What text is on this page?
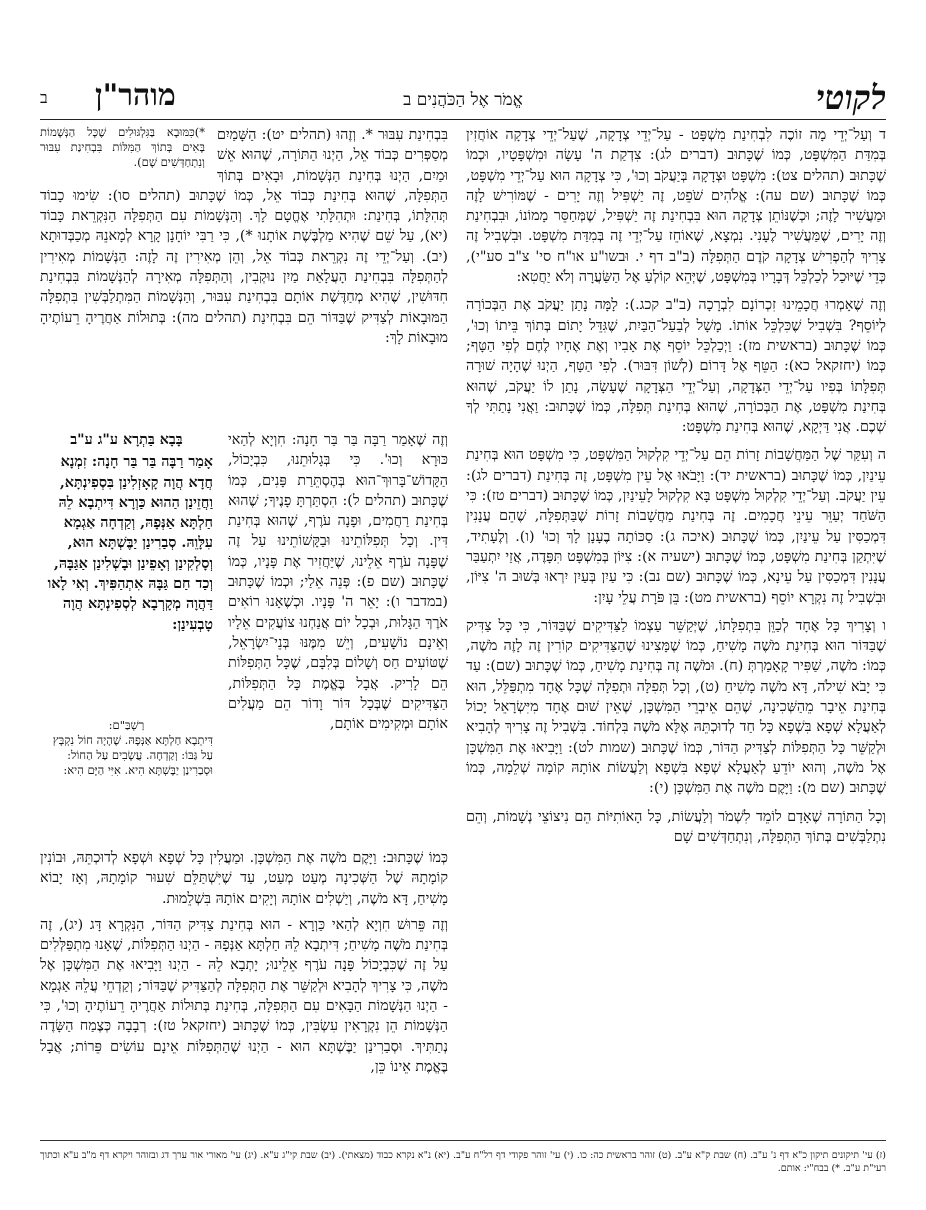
לקוטי
אֱמֹר אֶל הַכֹּהֲנִים ב
מוהר"ן
ב

ד וְעַל־יְדֵי מָה זוֹכֶה לִבְחִינַת מִשְׁפָּט - עַל־יְדֵי צְדָקָה, שֶׁעַל־יְדֵי צְדָקָה אוֹחֲזִין בְּמִדַּת הַמִּשְׁפָּט, כְּמוֹ שֶׁכָּתוּב (דברים לג): צִדְקַת ה' עָשָׂה וּמִשְׁפָּטָיו, וּכְמוֹ שֶׁכָּתוּב (תהלים צט): מִשְׁפָּט וּצְדָקָה בְּיַעֲקֹב וְכוּ', כִּי צְדָקָה הוּא עַל־יְדֵי מִשְׁפָּט, כְּמוֹ שֶׁכָּתוּב (שם עה): אֱלֹהִים שֹׁפֵט, זֶה יַשְׁפִּיל וְזֶה יָרִים - שֶׁמּוֹרִישׁ לָזֶה וּמַעֲשִׁיר לָזֶה; וּכְשֶׁנּוֹתֵן צְדָקָה הוּא בִּבְחִינַת זֶה יַשְׁפִּיל, שֶׁמְּחַסֵּר מָמוֹנוֹ, וּבִבְחִינַת וְזֶה יָרִים, שֶׁמַּעֲשִׁיר לֶעָנִי. נִמְצָא, שֶׁאוֹחֵז עַל־יְדֵי זֶה בְּמִדַּת מִשְׁפָּט. וּבִשְׁבִיל זֶה צָרִיךְ לְהַפְרִישׁ צְדָקָה קֹדֶם הַתְּפִלָּה (ב"ב דף י. וּבשו"ע או"ח סי' צ"ב סע"י), כְּדֵי שֶׁיּוּכַל לְכַלְכֵּל דְּבָרָיו בְּמִשְׁפָּט, שֶׁיְּהֵא קוֹלְעַ אֶל הַשַּׂעֲרָה וְלֹא יַחֲטִא:

וְזֶה שֶׁאָמְרוּ חֲכָמֵינוּ זִכְרוֹנָם לִבְרָכָה (ב"ב קכג.): לָמָּה נָתַן יַעֲקֹב אֶת הַבְּכוֹרָה לְיוֹסֵף? בִּשְׁבִיל שֶׁכִּלְכֵּל אוֹתוֹ. מָשָׁל לְבַעַל־הַבַּיִת, שֶׁגִּדֵּל יָתוֹם בְּתוֹךְ בֵּיתוֹ וְכוּ', כְּמוֹ שֶׁכָּתוּב (בראשית מז): וַיְכַלְכֵּל יוֹסֵף אֶת אָבִיו וְאֶת אֶחָיו לֶחֶם לְפִי הַטָּף; כְּמוֹ (יחזקאל כא): הַטֵּף אֶל דָּרוֹם (לְשׁוֹן דִּבּוּר). לְפִי הַטָּף, הַיְנוּ שֶׁהָיָה שׁוּרָה תְּפִלָּתוֹ בְּפִיו עַל־יְדֵי הַצְּדָקָה, וְעַל־יְדֵי הַצְּדָקָה שֶׁעָשָׂה, נָתַן לוֹ יַעֲקֹב, שֶׁהוּא בְּחִינַת מִשְׁפָּט, אֶת הַבְּכוֹרָה, שֶׁהוּא בְּחִינַת תְּפִלָּה, כְּמוֹ שֶׁכָּתוּב: וַאֲנִי נָתַתִּי לְךָ שְׁכֶם. אֲנִי דַּיְקָא, שֶׁהוּא בְּחִינַת מִשְׁפָּט:

ה וְעִקַּר שֶׁל הַמַּחֲשָׁבוֹת זָרוֹת הֵם עַל־יְדֵי קִלְקוּל הַמִּשְׁפָּט, כִּי מִשְׁפָּט הוּא בְּחִינַת עֵינַיִן, כְּמוֹ שֶׁכָּתוּב (בראשית יד): וַיָּבֹאוּ אֶל עֵין מִשְׁפָּט, זֶה בְּחִינַת (דברים לג): עֵין יַעֲקֹב. וְעַל־יְדֵי קִלְקוּל מִשְׁפָּט בָּא קִלְקוּל לָעֵינַיִן, כְּמוֹ שֶׁכָּתוּב (דברים טז): כִּי הַשֹּׁחַד יְעַוֵּר עֵינֵי חֲכָמִים. זֶה בְּחִינַת מַחֲשָׁבוֹת זָרוֹת שֶׁבַּתְּפִלָּה, שֶׁהֵם עֲנָנִין דִּמְכַסִּין עַל עֵינַיִן, כְּמוֹ שֶׁכָּתוּב (איכה ג): סַכּוֹתָה בֶעָנָן לָךְ וְכוּ' (ו). וְלֶעָתִיד, שֶׁיִּתְקַן בְּחִינַת מִשְׁפָּט, כְּמוֹ שֶׁכָּתוּב (ישעיה א): צִיּוֹן בְּמִשְׁפָּט תִּפָּדֶה, אֲזַי יִתְעַבַּר עֲנָנִין דִּמְכַסִּין עַל עֵינָא, כְּמוֹ שֶׁכָּתוּב (שם נב): כִּי עַיִן בְּעַיִן יִרְאוּ בְּשׁוּב ה' צִיּוֹן, וּבִשְׁבִיל זֶה נִקְרָא יוֹסֵף (בראשית מט): בֵּן פֹּרָת עֲלֵי עָיִן:

ו וְצָרִיךְ כָּל אֶחָד לְכַוֵּן בִּתְפִלָּתוֹ, שֶׁיְּקַשֵּׁר עַצְמוֹ לַצַּדִּיקִים שֶׁבַּדּוֹר, כִּי כָּל צַדִּיק שֶׁבַּדּוֹר הוּא בְּחִינַת מֹשֶׁה מָשִׁיחַ, כְּמוֹ שֶׁמָּצִינוּ שֶׁהַצַּדִּיקִים קוֹרִין זֶה לָזֶה מֹשֶׁה, כְּמוֹ: מֹשֶׁה, שַׁפִּיר קָאָמַרְתְּ (ח). וּמֹשֶׁה זֶה בְּחִינַת מָשִׁיחַ, כְּמוֹ שֶׁכָּתוּב (שם): עַד כִּי יָבֹא שִׁילֹה, דָּא מֹשֶׁה מָשִׁיחַ (ט), וְכָל תְּפִלָּה וּתְפִלָּה שֶׁכָּל אֶחָד מִתְפַּלֵּל, הוּא בְּחִינַת אֵיבָר מֵהַשְּׁכִינָה, שֶׁהֵם אֵיבְרֵי הַמִּשְׁכָּן, שֶׁאֵין שׁוּם אֶחָד מִיִּשְׂרָאֵל יָכוֹל לְאַעֲלָא שְׁפָא בִּשְׁפָא כָּל חַד לְדוּכְתֵּהּ אֶלָּא מֹשֶׁה בִּלְחוֹד. בִּשְׁבִיל זֶה צָרִיךְ לְהָבִיא וּלְקַשֵּׁר כָּל הַתְּפִלּוֹת לְצַדִּיק הַדּוֹר, כְּמוֹ שֶׁכָּתוּב (שמות לט): וַיָּבִיאוּ אֶת הַמִּשְׁכָּן אֶל מֹשֶׁה, וְהוּא יוֹדֵעַ לְאַעֲלָא שְׁפָא בִּשְׁפָא וְלַעֲשׂוֹת אוֹתָהּ קוֹמָה שְׁלֵמָה, כְּמוֹ שֶׁכָּתוּב (שם מ): וַיָּקֶם מֹשֶׁה אֶת הַמִּשְׁכָּן (י):

וְכָל הַתּוֹרָה שֶׁאָדָם לוֹמֵד לִשְׁמֹר וְלַעֲשׂוֹת, כָּל הָאוֹתִיּוֹת הֵם נִיצוֹצֵי נְשָׁמוֹת, וְהֵם נִתְלַבְּשִׁים בְּתוֹךְ הַתְּפִלָּה, וְנִתְחַדְּשִׁים שָׁם

*)כִּמּוּבָא בַּגִּלְגּוּלִים שֶׁכָּל הַנְּשָׁמוֹת בָּאִים בְּתוֹךְ הַמִּלּוֹת בִּבְחִינַת עִבּוּר וְנִתְחַדְּשִׁים שָׁם).

בִּבְחִינַת עִבּוּר *. וְזֶהוּ (תהלים יט): הַשָּׁמַיִם מְסַפְּרִים כְּבוֹד אֵל, הַיְנוּ הַתּוֹרָה, שֶׁהוּא אֵשׁ וּמַיִם, הַיְנוּ בְּחִינַת הַנְּשָׁמוֹת, וּבָאִים בְּתוֹךְ הַתְּפִלָּה, שֶׁהוּא בְּחִינַת כְּבוֹד אֵל, כְּמוֹ שֶׁכָּתוּב (תהלים סו): שִׂימוּ כָבוֹד תְּהִלָּתוֹ, בְּחִינַת: וּתְהִלָּתִי אֶחֱטָם לָךְ. וְהַנְּשָׁמוֹת עִם הַתְּפִלָּה הַנִּקְרֵאת כָּבוֹד (יא), עַל שֵׁם שֶׁהִיא מַלְבֶּשֶׁת אוֹתָנוּ *), כִּי רַבִּי יוֹחָנָן קָרָא לְמָאנֵהּ מְכַבְּדוּתָא (יב). וְעַל־יְדֵי זֶה נִקְרֵאת כְּבוֹד אֵל, וְהֵן מְאִירִין זֶה לָזֶה: הַנְּשָׁמוֹת מְאִירִין לְהַתְּפִלָּה בִּבְחִינַת הָעֲלָאַת מַיִן נוּקְבִין, וְהַתְּפִלָּה מְאִירָה לְהַנְּשָׁמוֹת בִּבְחִינַת חִדּוּשִׁין, שֶׁהִיא מְחַדֶּשֶׁת אוֹתָם בִּבְחִינַת עִבּוּר, וְהַנְּשָׁמוֹת הַמִּתְלַבְּשִׁין בִּתְפִלָּה הַמּוּבָאוֹת לְצַדִּיק שֶׁבַּדּוֹר הֵם בִּבְחִינַת (תהלים מה): בְּתוּלוֹת אַחֲרֶיהָ רֵעוֹתֶיהָ מוּבָאוֹת לָךְ:

וְזֶה שֶׁאָמַר רַבָּה בַּר בַּר חָנָה: חִוְיָא לְהַאי כּוּרָא וְכוּ'. כִּי בְּגָלוּתֵנוּ, כִּבְיָכוֹל, הַקָּדוֹשׁ־בָּרוּךְ־הוּא בְּהֶסְתֵּרַת פָּנִים, כְּמוֹ שֶׁכָּתוּב (תהלים ל): הִסְתַּרְתָּ פָנֶיךָ; שֶׁהוּא בְּחִינַת רַחֲמִים, וּפָנָה עֹרֶף, שֶׁהוּא בְּחִינַת דִּין. וְכָל תְּפִלּוֹתֵינוּ וּבַקָּשׁוֹתֵינוּ עַל זֶה שֶׁפָּנָה עֹרֶף אֵלֵינוּ, שֶׁיַּחֲזִיר אֶת פָּנָיו, כְּמוֹ שֶׁכָּתוּב (שם פ): פְּנֵה אֵלַי; וּכְמוֹ שֶׁכָּתוּב (במדבר ו): יָאֵר ה' פָּנָיו. וּכְשֶׁאָנוּ רוֹאִים אֹרֶךְ הַגָּלוּת, וּבְכָל יוֹם אֲנַחְנוּ צוֹעֲקִים אֵלָיו וְאֵינָם נוֹשָׁעִים, וְיֵשׁ מִמֶּנּוּ בְּנֵי־יִשְׂרָאֵל, שֶׁטּוֹעִים חַס וְשָׁלוֹם בְּלִבָּם, שֶׁכָּל הַתְּפִלּוֹת הֵם לָרִיק. אֲבָל בֶּאֱמֶת כָּל הַתְּפִלּוֹת, הַצַּדִּיקִים שֶׁבְּכָל דּוֹר וָדוֹר הֵם מַעֲלִים אוֹתָם וּמְקִימִים אוֹתָם,

בָּבָא בַּתְרָא ע"ג ע"ב

אָמַר רַבָּה בַּר בַּר חָנָה: זִמְנָא חֲדָא הֲוָה קָאָזְלִינַן בִּסְפִינְתָּא, וַחֲזֵינַן הַהוּא כַּוְרָא דִּיתְבָא לֵהּ חַלְתָּא אַנְּפָהּ, וְקַדְחָה אַגְמָא עִלָּוֵהּ. סְבַרִינַן יַבֶּשְׁתָּא הוּא, וְסָלְקִינַן וְאָפֵינַן וּבָשְׁלִינַן אַגַּבָּהּ, וְכַד חַם גַּבָּהּ אִתְהַפִּיךְ. וְאִי לָאו דַּהֲוָה מְקָרְבָא לְסְפִינְתָּא הֲוָה טָבְעִינַן:

רַשְׁבַּ"ם:
דִּיתְבָא חַלְתָּא אַנְּפָהּ. שֶׁהָיָה חוֹל נִקְבָּץ עַל גַּבּוֹ: וְקַדְחָה. עֲשָׂבִים עַל הַחוֹל: וּסְבַרִינַן יַבֶּשְׁתָּא הִיא. אִיִּי הַיָּם הִיא:

כְּמוֹ שֶׁכָּתוּב: וַיָּקֶם מֹשֶׁה אֶת הַמִּשְׁכָּן. וּמַעֲלִין כָּל שְׁפָא וּשְׁפָא לְדוּכְתֵּהּ, וּבוֹנִין קוֹמָתָהּ שֶׁל הַשְּׁכִינָה מְעַט מְעַט, עַד שֶׁיִּשְׁתַּלֵּם שִׁעוּר קוֹמָתָהּ, וְאָז יָבוֹא מָשִׁיחַ, דָּא מֹשֶׁה, וְיַשְׁלִים אוֹתָהּ וְיָקִים אוֹתָהּ בִּשְׁלֵמוּת.

וְזֶה פֵּרוּשׁ חִוְיָא לְהַאי כַּוְרָא - הוּא בְּחִינַת צַדִּיק הַדּוֹר, הַנִּקְרָא דָּג (יג), זֶה בְּחִינַת מֹשֶׁה מָשִׁיחַ; דִּיתְבָא לֵהּ חַלְתָּא אַנְּפָהּ - הַיְנוּ הַתְּפִלּוֹת, שֶׁאָנוּ מִתְפַּלְּלִים עַל זֶה שֶׁכִּבְיָכוֹל פָּנָה עֹרֶף אֵלֵינוּ; יָתְבָא לֵהּ - הַיְנוּ וַיָּבִיאוּ אֶת הַמִּשְׁכָּן אֶל מֹשֶׁה, כִּי צָרִיךְ לְהָבִיא וּלְקַשֵּׁר אֶת הַתְּפִלָּה לְהַצַּדִּיק שֶׁבַּדּוֹר; וְקַדְחֵי עֲלֵהּ אַגְמָא - הַיְנוּ הַנְּשָׁמוֹת הַבָּאִים עִם הַתְּפִלָּה, בְּחִינַת בְּתוּלוֹת אַחֲרֶיהָ רֵעוֹתֶיהָ וְכוּ', כִּי הַנְּשָׁמוֹת הֵן נִקְרָאִין עִשְׂבִּין, כְּמוֹ שֶׁכָּתוּב (יחזקאל טז): רְבָבָה כְּצֶמַח הַשָּׂדֶה נְתַתִּיךְ. וּסְבַרִינַן יַבֶּשְׁתָּא הוּא - הַיְנוּ שֶׁהַתְּפִלּוֹת אֵינָם עוֹשִׂים פֵּרוֹת; אֲבָל בֶּאֱמֶת אֵינוֹ כֵּן,

(ז) עי' תיקונים תיקון כ"א דף נ' ע"ב. (ח) שבת ק"א ע"ב. (ט) זוהר בראשית כה: כו. (י) עי' זוהר פקודי דף רל"ח ע"ב. (יא) נ"א נקרא כבוד (מצאתי). (יב) שבת קי"ג ע"א. (יג) עי' מאורי אור ערך דג ובזוהר ויקרא דף מ"ב ע"א וכתוך רעי"ת ע"ב. *) בבח"י: אותם.
